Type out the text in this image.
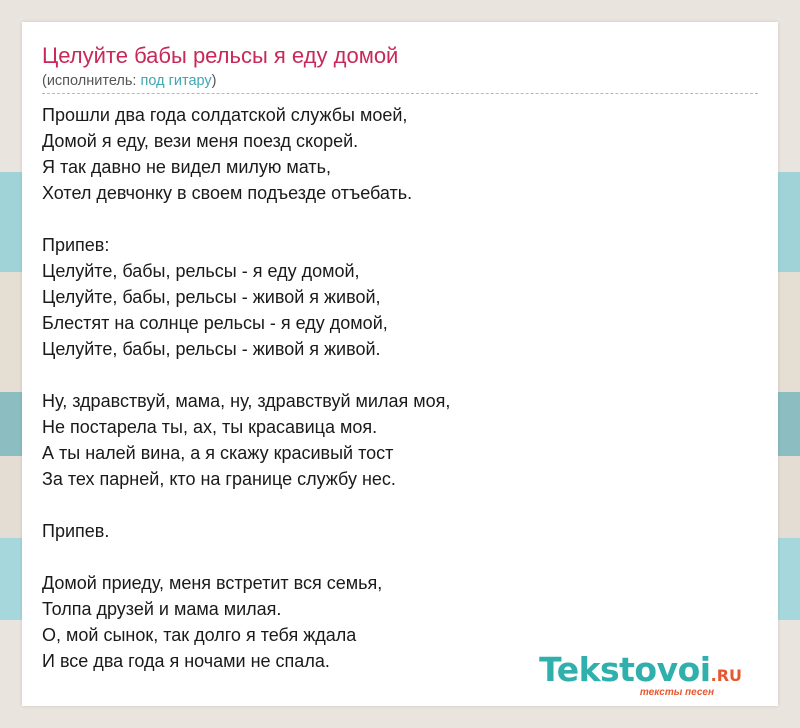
Целуйте бабы рельсы я еду домой
(исполнитель: под гитару)
Прошли два года солдатской службы моей,
Домой я еду, вези меня поезд скорей.
Я так давно не видел милую мать,
Хотел девчонку в своем подъезде отъебать.
Припев:
Целуйте, бабы, рельсы - я еду домой,
Целуйте, бабы, рельсы - живой я живой,
Блестят на солнце рельсы - я еду домой,
Целуйте, бабы, рельсы - живой я живой.
Ну, здравствуй, мама, ну, здравствуй милая моя,
Не постарела ты, ах, ты красавица моя.
А ты налей вина, а я скажу красивый тост
За тех парней, кто на границе службу нес.
Припев.
Домой приеду, меня встретит вся семья,
Толпа друзей и мама милая.
О, мой сынок, так долго я тебя ждала
И все два года я ночами не спала.	Tekstovoi.RU
тексты песен
